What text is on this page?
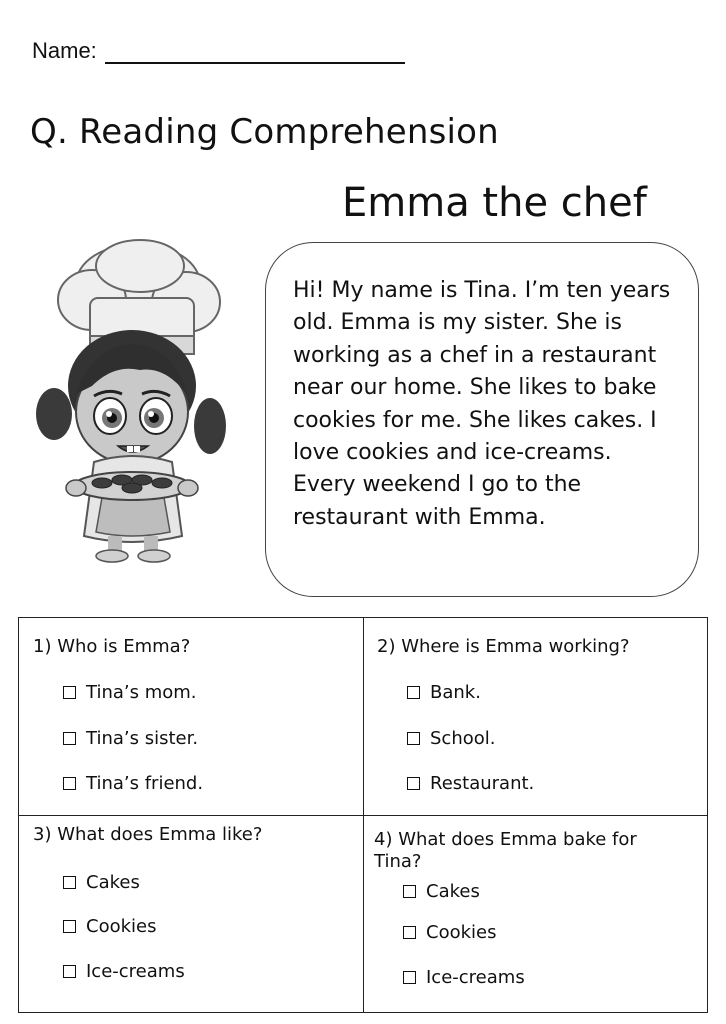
Name:
Q. Reading Comprehension
Emma the chef

Hi! My name is Tina. I’m ten years old. Emma is my sister. She is working as a chef in a restaurant near our home. She likes to bake cookies for me. She likes cakes. I love cookies and ice-creams. Every weekend I go to the restaurant with Emma.

1) Who is Emma?
Tina’s mom.
Tina’s sister.
Tina’s friend.
2) Where is Emma working?
Bank.
School.
Restaurant.
3) What does Emma like?
Cakes
Cookies
Ice-creams
4) What does Emma bake for Tina?
Cakes
Cookies
Ice-creams
